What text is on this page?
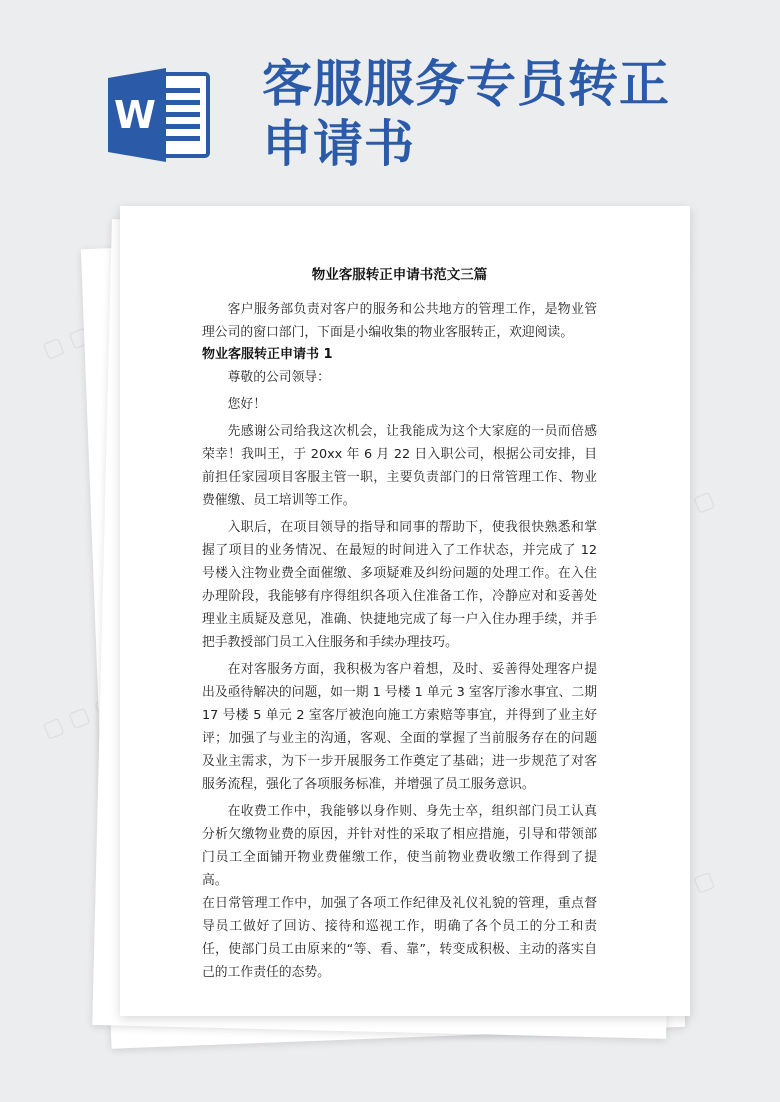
▢ ▢
▢ ▢ ▢ ▢
▢
▢
W
客服服务专员转正
申请书
物业客服转正申请书范文三篇

客户服务部负责对客户的服务和公共地方的管理工作，是物业管理公司的窗口部门，下面是小编收集的物业客服转正，欢迎阅读。

物业客服转正申请书 1

尊敬的公司领导：

您好！

先感谢公司给我这次机会，让我能成为这个大家庭的一员而倍感荣幸！我叫王，于 20xx 年 6 月 22 日入职公司，根据公司安排，目前担任家园项目客服主管一职，主要负责部门的日常管理工作、物业费催缴、员工培训等工作。

入职后，在项目领导的指导和同事的帮助下，使我很快熟悉和掌握了项目的业务情况、在最短的时间进入了工作状态，并完成了 12 号楼入注物业费全面催缴、多项疑难及纠纷问题的处理工作。在入住办理阶段，我能够有序得组织各项入住准备工作，冷静应对和妥善处理业主质疑及意见，准确、快捷地完成了每一户入住办理手续，并手把手教授部门员工入住服务和手续办理技巧。

在对客服务方面，我积极为客户着想，及时、妥善得处理客户提出及亟待解决的问题，如一期 1 号楼 1 单元 3 室客厅渗水事宜、二期 17 号楼 5 单元 2 室客厅被泡向施工方索赔等事宜，并得到了业主好评；加强了与业主的沟通，客观、全面的掌握了当前服务存在的问题及业主需求，为下一步开展服务工作奠定了基础；进一步规范了对客服务流程，强化了各项服务标准，并增强了员工服务意识。

在收费工作中，我能够以身作则、身先士卒，组织部门员工认真分析欠缴物业费的原因，并针对性的采取了相应措施，引导和带领部门员工全面铺开物业费催缴工作，使当前物业费收缴工作得到了提高。

在日常管理工作中，加强了各项工作纪律及礼仪礼貌的管理，重点督导员工做好了回访、接待和巡视工作，明确了各个员工的分工和责任，使部门员工由原来的“等、看、靠”，转变成积极、主动的落实自己的工作责任的态势。
